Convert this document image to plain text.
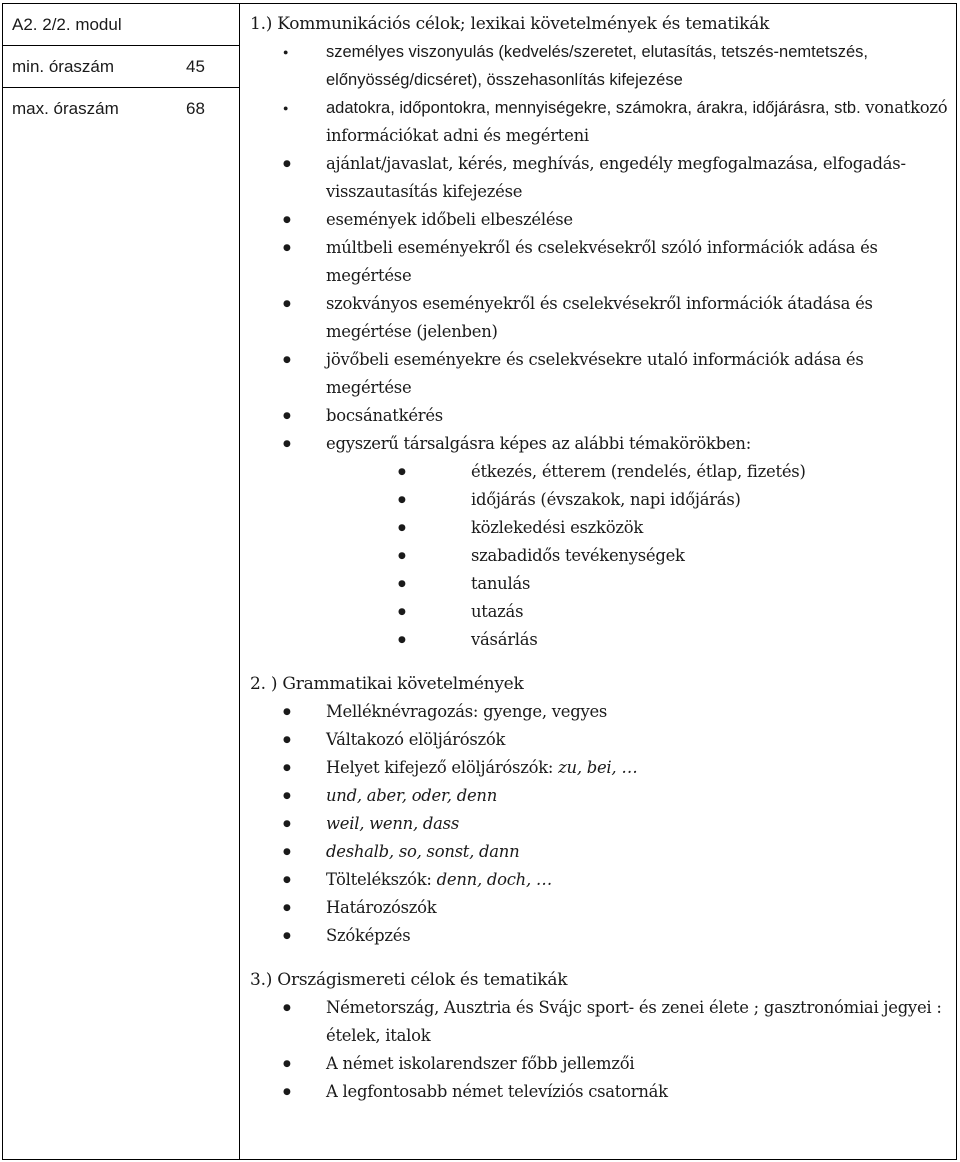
A2. 2/2. modul
min. óraszám	45
max. óraszám	68
1.) Kommunikációs célok; lexikai követelmények és tematikák
● személyes viszonyulás (kedvelés/szeretet, elutasítás, tetszés-nemtetszés, előnyösség/dicséret), összehasonlítás kifejezése
● adatokra, időpontokra, mennyiségekre, számokra, árakra, időjárásra, stb. vonatkozó információkat adni és megérteni
● ajánlat/javaslat, kérés, meghívás, engedély megfogalmazása, elfogadás-visszautasítás kifejezése
● események időbeli elbeszélése
● múltbeli eseményekről és cselekvésekről szóló információk adása és megértése
● szokványos eseményekről és cselekvésekről információk átadása és megértése (jelenben)
● jövőbeli eseményekre és cselekvésekre utaló információk adása és megértése
● bocsánatkérés
● egyszerű társalgásra képes az alábbi témakörökben:
● étkezés, étterem (rendelés, étlap, fizetés)
● időjárás (évszakok, napi időjárás)
● közlekedési eszközök
● szabadidős tevékenységek
● tanulás
● utazás
● vásárlás
2. ) Grammatikai követelmények
● Melléknévragozás: gyenge, vegyes
● Váltakozó elöljárószók
● Helyet kifejező elöljárószók: zu, bei, …
● und, aber, oder, denn
● weil, wenn, dass
● deshalb, so, sonst, dann
● Töltelékszók: denn, doch, …
● Határozószók
● Szóképzés
3.) Országismereti célok és tematikák
● Németország, Ausztria és Svájc sport- és zenei élete ; gasztronómiai jegyei : ételek, italok
● A német iskolarendszer főbb jellemzői
● A legfontosabb német televíziós csatornák
